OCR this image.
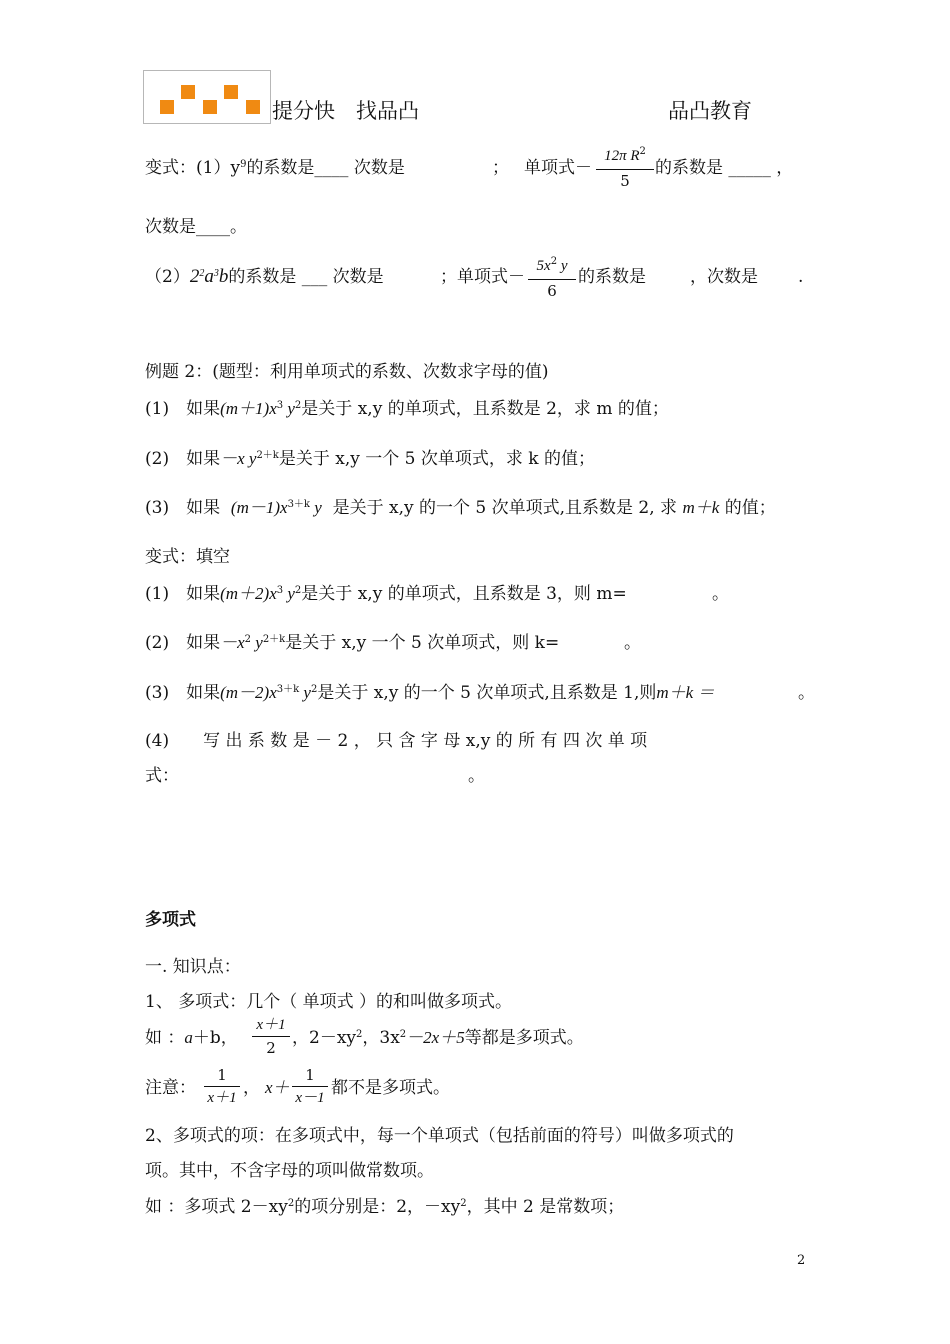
提分快　找品凸	品凸教育
变式：$(1)y^9$的系数是____ 次数是	； 单项式－ $\frac{12\pi R^2}{5}$ 的系数是 _____ ，
次数是____。
$(2)2^2a^3b$的系数是 ___ 次数是	；单项式－ $\frac{5x^2 y}{6}$ 的系数是	，次数是 .
例题 2：(题型：利用单项式的系数、次数求字母的值)
(1)　如果$(m+1)x^3$ $y^2$是关于 x,y 的单项式，且系数是 2，求 m 的值；
(2)　如果－x $y^{2+k}$是关于 x,y 一个 5 次单项式，求 k 的值；
(3)　如果 $(m-1)x^{3+k}$ y 是关于 x,y 的一个 5 次单项式,且系数是 2, 求 m＋k 的值；
变式：填空
(1)　如果$(m+2)x^3$ $y^2$是关于 x,y 的单项式，且系数是 3，则 m=	。
(2)　如果$-x^2$ $y^{2+k}$是关于 x,y 一个 5 次单项式，则 k=	。
(3)　如果$(m-2)x^{3+k}$ $y^2$是关于 x,y 的一个 5 次单项式,且系数是 1,则m＋k ＝	。
(4)　　写 出 系 数 是 － 2 ， 只 含 字 母 x,y 的 所 有 四 次 单 项
式：	。
多项式
一. 知识点：
1、 多项式：几个（ 单项式 ）的和叫做多项式。
如 ：a＋b， $\frac{x+1}{2}$ ，$2-xy^2$，$3x^2-2x+5$等都是多项式。
注意： $\frac{1}{x+1}$ ， $x+ \frac{1}{x-1}$ 都不是多项式。
2、多项式的项：在多项式中，每一个单项式（包括前面的符号）叫做多项式的
项。其中，不含字母的项叫做常数项。
如 ：多项式 $2-xy^2$的项分别是：2，$-xy^2$，其中 2 是常数项；
2
